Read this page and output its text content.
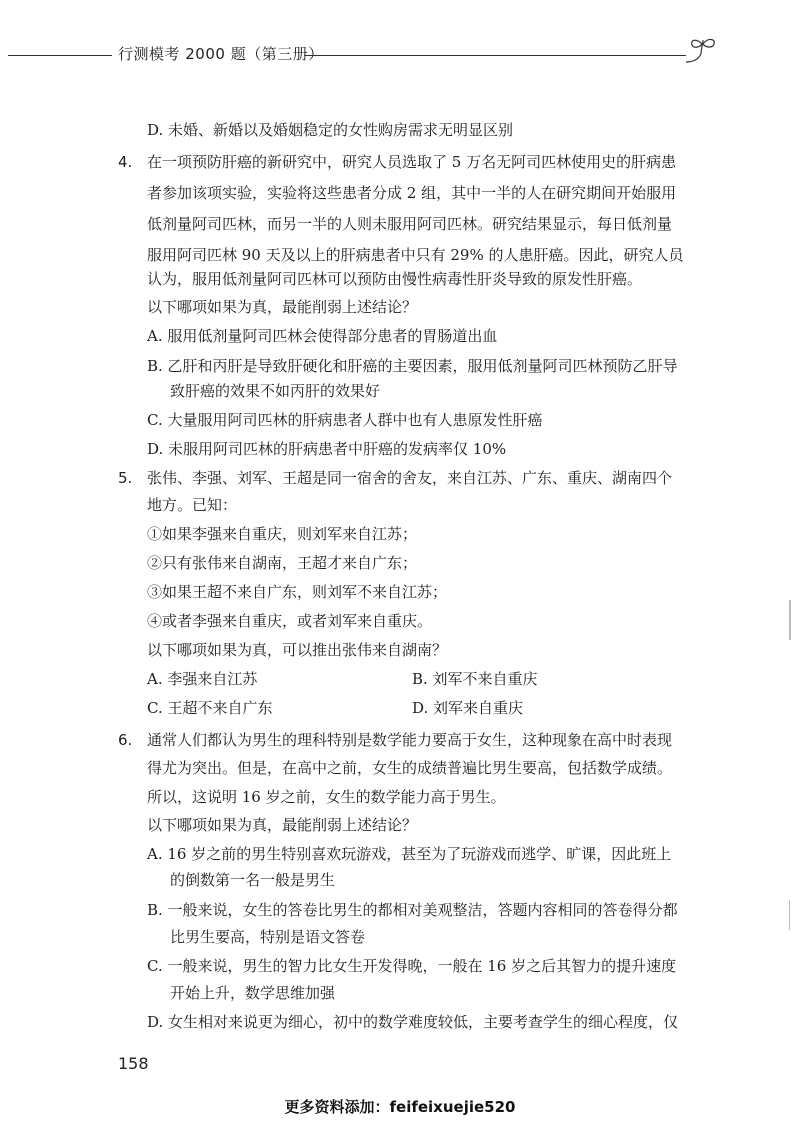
行测模考 2000 题（第三册）
D. 未婚、新婚以及婚姻稳定的女性购房需求无明显区别
4. 在一项预防肝癌的新研究中，研究人员选取了 5 万名无阿司匹林使用史的肝病患
者参加该项实验，实验将这些患者分成 2 组，其中一半的人在研究期间开始服用
低剂量阿司匹林，而另一半的人则未服用阿司匹林。研究结果显示，每日低剂量
服用阿司匹林 90 天及以上的肝病患者中只有 29% 的人患肝癌。因此，研究人员
认为，服用低剂量阿司匹林可以预防由慢性病毒性肝炎导致的原发性肝癌。
以下哪项如果为真，最能削弱上述结论？
A. 服用低剂量阿司匹林会使得部分患者的胃肠道出血
B. 乙肝和丙肝是导致肝硬化和肝癌的主要因素，服用低剂量阿司匹林预防乙肝导
致肝癌的效果不如丙肝的效果好
C. 大量服用阿司匹林的肝病患者人群中也有人患原发性肝癌
D. 未服用阿司匹林的肝病患者中肝癌的发病率仅 10%
5. 张伟、李强、刘军、王超是同一宿舍的舍友，来自江苏、广东、重庆、湖南四个
地方。已知：
①如果李强来自重庆，则刘军来自江苏；
②只有张伟来自湖南，王超才来自广东；
③如果王超不来自广东，则刘军不来自江苏；
④或者李强来自重庆，或者刘军来自重庆。
以下哪项如果为真，可以推出张伟来自湖南？
A. 李强来自江苏	B. 刘军不来自重庆
C. 王超不来自广东	D. 刘军来自重庆
6. 通常人们都认为男生的理科特别是数学能力要高于女生，这种现象在高中时表现
得尤为突出。但是，在高中之前，女生的成绩普遍比男生要高，包括数学成绩。
所以，这说明 16 岁之前，女生的数学能力高于男生。
以下哪项如果为真，最能削弱上述结论？
A. 16 岁之前的男生特别喜欢玩游戏，甚至为了玩游戏而逃学、旷课，因此班上
的倒数第一名一般是男生
B. 一般来说，女生的答卷比男生的都相对美观整洁，答题内容相同的答卷得分都
比男生要高，特别是语文答卷
C. 一般来说，男生的智力比女生开发得晚，一般在 16 岁之后其智力的提升速度
开始上升，数学思维加强
D. 女生相对来说更为细心，初中的数学难度较低，主要考查学生的细心程度，仅
158
更多资料添加：feifeixuejie520
